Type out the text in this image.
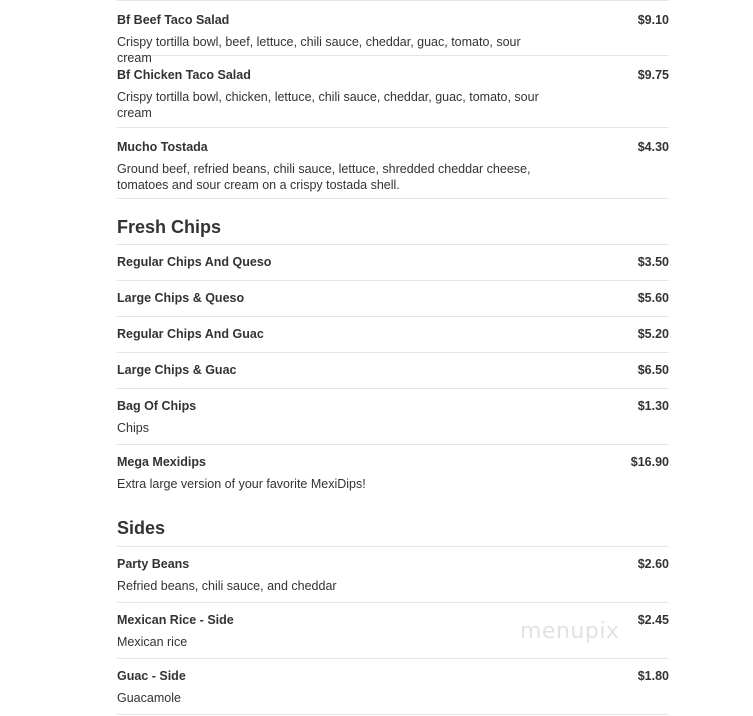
Bf Beef Taco Salad	$9.10
Crispy tortilla bowl, beef, lettuce, chili sauce, cheddar, guac, tomato, sour cream
Bf Chicken Taco Salad	$9.75
Crispy tortilla bowl, chicken, lettuce, chili sauce, cheddar, guac, tomato, sour cream
Mucho Tostada	$4.30
Ground beef, refried beans, chili sauce, lettuce, shredded cheddar cheese, tomatoes and sour cream on a crispy tostada shell.
Fresh Chips
Regular Chips And Queso	$3.50
Large Chips & Queso	$5.60
Regular Chips And Guac	$5.20
Large Chips & Guac	$6.50
Bag Of Chips	$1.30
Chips
Mega Mexidips	$16.90
Extra large version of your favorite MexiDips!
Sides
Party Beans	$2.60
Refried beans, chili sauce, and cheddar
Mexican Rice - Side	$2.45
Mexican rice
Guac - Side	$1.80
Guacamole
menupix
